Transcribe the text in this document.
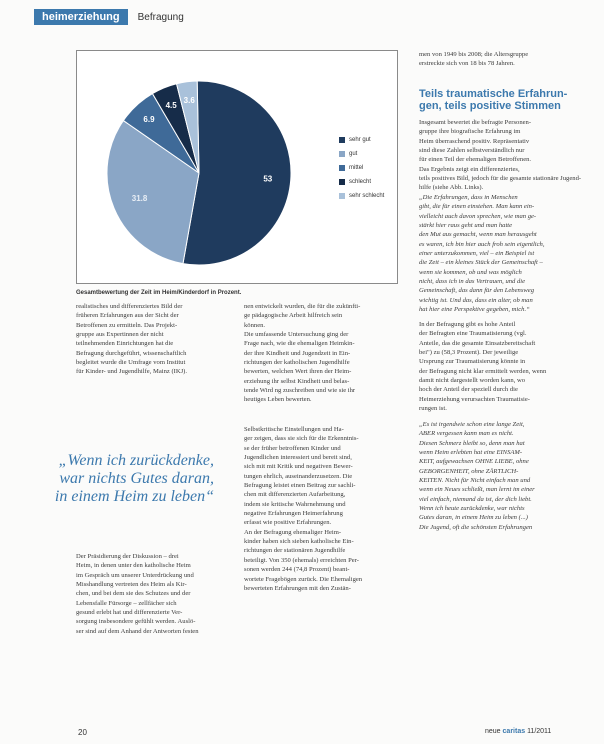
heimerziehung	Befragung
53
31.8
6.9
4.5
3.6
sehr gut
gut
mittel
schlecht
sehr schlecht
Gesamtbewertung der Zeit im Heim/Kinderdorf in Prozent.
realistisches und differenziertes Bild der
früheren Erfahrungen aus der Sicht der
Betroffenen zu ermitteln. Das Projekt-
gruppe aus Expertinnen der nicht
teilnehmenden Einrichtungen hat die
Befragung durchgeführt, wissenschaftlich
begleitet wurde die Umfrage vom Institut
für Kinder- und Jugendhilfe, Mainz (IKJ).
nen entwickelt wurden, die für die zukünfti-
ge pädagogische Arbeit hilfreich sein
können.
Die umfassende Untersuchung ging der
Frage nach, wie die ehemaligen Heimkin-
der ihre Kindheit und Jugendzeit in Ein-
richtungen der katholischen Jugendhilfe
bewerten, welchen Wert ihren der Heim-
erziehung ihr selbst Kindheit und belas-
tende Wird ng zuschreiben und wie sie ihr
heutiges Leben bewerten.
„Wenn ich zurückdenke,
war nichts Gutes daran,
in einem Heim zu leben“
Der Präsidierung der Diskussion – drei
Heim, in denen unter den katholische Heim
im Gespräch um unserer Unterdrückung und
Misshandlung vertreten des Heim als Kir-
chen, und bei dem sie des Schutzes und der
Lebensfalle Fürsorge – zellfächer sich
gesund erlebt hat und differenzierte Ver-
sorgung insbesondere gefühlt werden. Auslö-
ser sind auf dem Anhand der Antworten festen
Selbstkritische Einstellungen und Ha-
ger zeigen, dass sie sich für die Erkenntnis-
se der früher betroffenen Kinder und
Jugendlichen interessiert und bereit sind,
sich mit mit Kritik und negativen Bewer-
tungen ehrlich, auseinanderzusetzen. Die
Befragung leistet einen Beitrag zur sachli-
chen mit differenzierten Aufarbeitung,
indem sie kritische Wahrnehmung und
negative Erfahrungen Heimerfahrung
erfasst wie positive Erfahrungen.
An der Befragung ehemaliger Heim-
kinder haben sich sieben katholische Ein-
richtungen der stationären Jugendhilfe
beteiligt. Von 350 (ehemals) erreichten Per-
sonen werden 244 (74,8 Prozent) beant-
wortete Fragebögen zurück. Die Ehemaligen
bewerteten Erfahrungen mit den Zustän-
men von 1949 bis 2008; die Altersgruppe
erstreckte sich von 18 bis 78 Jahren.
Teils traumatische Erfahrun-
gen, teils positive Stimmen
Insgesamt bewertet die befragte Personen-
gruppe ihre biografische Erfahrung im
Heim überraschend positiv. Repräsentativ
sind diese Zahlen selbstverständlich nur
für einen Teil der ehemaligen Betroffenen.
Das Ergebnis zeigt ein differenziertes,
teils positives Bild, jedoch für die gesamte stationäre Jugend-
hilfe (siehe Abb. Links).
„Die Erfahrungen, dass in Menschen
gibt, die für einen einstehen. Man kann ein-
vielleicht auch davon sprechen, wie man ge-
stärkt hier raus geht und man hatte
den Mut aus gemacht, wenn man herausgeht
es waren, ich bin hier auch froh sein eigentlich,
einer unterzukommen, viel – ein Beispiel ist
die Zeit – ein kleines Stück der Gemeinschaft –
wenn sie kommen, ob und was möglich
nicht, dass ich in das Vertrauen, und die
Gemeinschaft, das dann für den Lebensweg
wichtig ist. Und das, dass ein alter, ob man
hat hier eine Perspektive gegeben, mich.“
In der Befragung gibt es hohe Anteil
der Befragten eine Traumatisierung (vgl.
Anteile, das die gesamte Einsatzbereitschaft
bei") zu (58,3 Prozent). Der jeweilige
Ursprung zur Traumatisierung könnte in
der Befragung nicht klar ermittelt werden, wenn
damit nicht dargestellt worden kann, wo
hoch der Anteil der speziell durch die
Heimerziehung verursachten Traumatisie-
rungen ist.
„Es ist irgendwie schon eine lange Zeit,
ABER vergessen kann man es nicht.
Diesen Schmerz bleibt so, denn man hat
wenn Heim erlebten hat eine EINSAM-
KEIT, aufgewachsen OHNE LIEBE, ohne
GEBORGENHEIT, ohne ZÄRTLICH-
KEITEN. Nicht für Nicht einfach man und
wenn ein Neues schließt, man lernt im einer
viel einfach, niemand da ist, der dich liebt.
Wenn ich heute zurückdenke, war nichts
Gutes daran, in einem Heim zu leben (...)
Die Jugend, oft die schönsten Erfahrungen
20	neue caritas 11/2011
